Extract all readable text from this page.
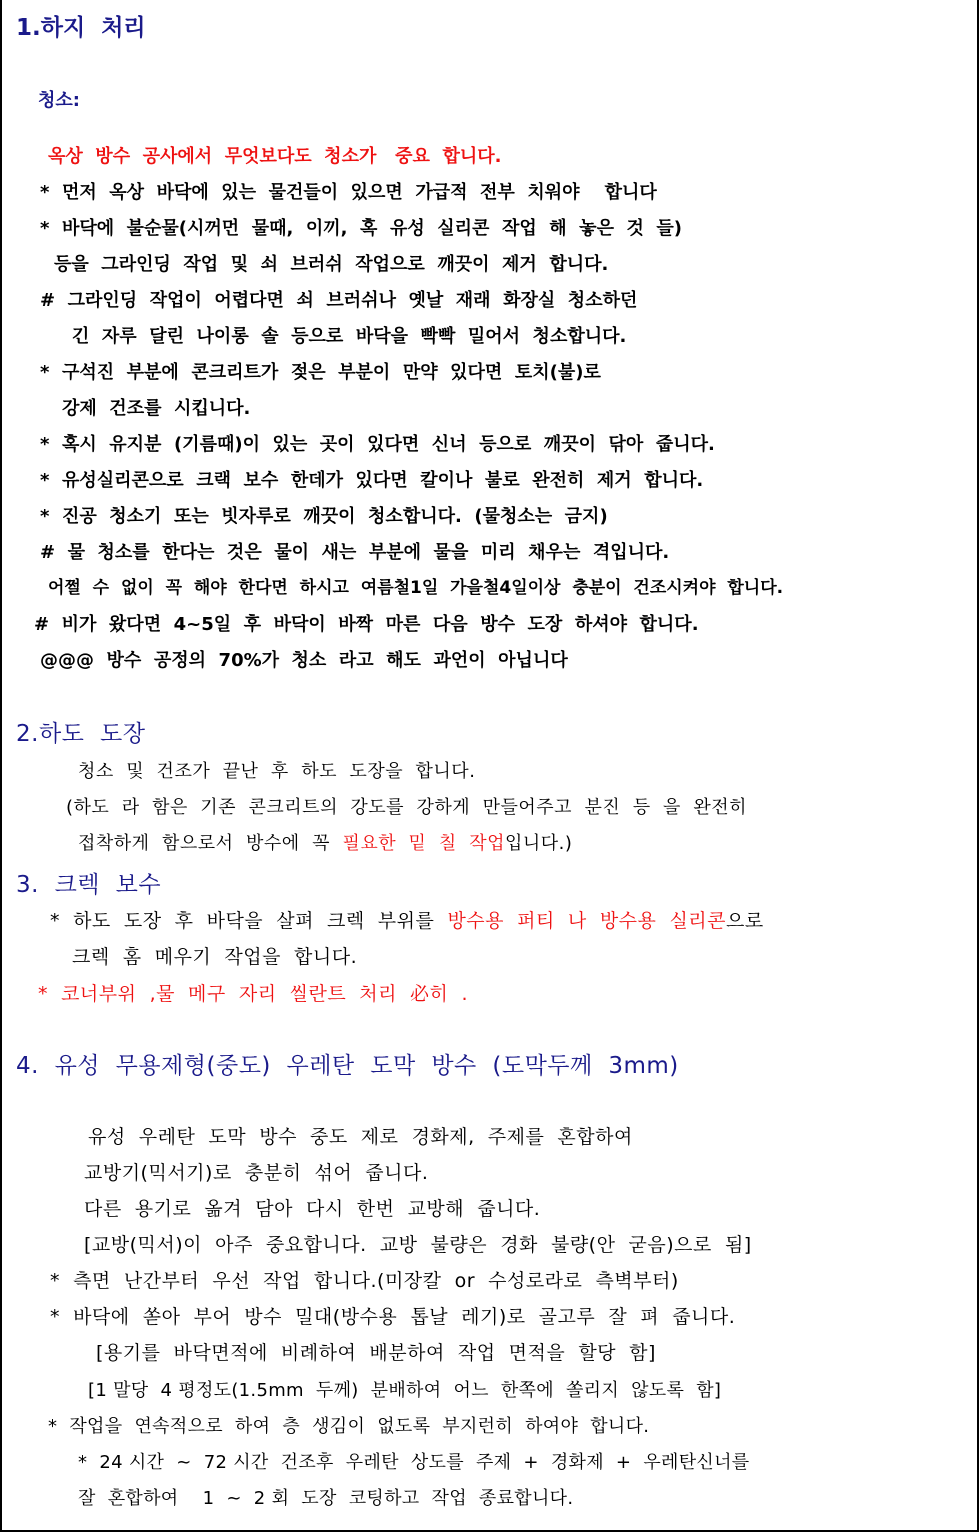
1.하지  처리
청소:
옥상  방수  공사에서  무엇보다도  청소가   중요  합니다.
*  먼저  옥상  바닥에  있는  물건들이  있으면  가급적  전부  치워야    합니다
*  바닥에  불순물(시꺼먼  물때,  이끼,  혹  유성  실리콘  작업  해  놓은  것  들)
등을  그라인딩  작업  및  쇠  브러쉬  작업으로  깨끗이  제거  합니다.
#  그라인딩  작업이  어렵다면  쇠  브러쉬나  옛날  재래  화장실  청소하던
긴  자루  달린  나이롱  솔  등으로  바닥을  빡빡  밀어서  청소합니다.
*  구석진  부분에  콘크리트가  젖은  부분이  만약  있다면  토치(불)로
강제  건조를  시킵니다.
*  혹시  유지분  (기름때)이  있는  곳이  있다면  신너  등으로  깨끗이  닦아  줍니다.
*  유성실리콘으로  크랙  보수  한데가  있다면  칼이나  불로  완전히  제거  합니다.
*  진공  청소기  또는  빗자루로  깨끗이  청소합니다.  (물청소는  금지)
#  물  청소를  한다는  것은  물이  새는  부분에  물을  미리  채우는  격입니다.
어쩔  수  없이  꼭  해야  한다면  하시고  여름철1일  가을철4일이상  충분이  건조시켜야  합니다.
#  비가  왔다면  4~5일  후  바닥이  바짝  마른  다음  방수  도장  하셔야  합니다.
@@@  방수  공정의  70%가  청소  라고  해도  과언이  아닙니다
2.하도  도장
청소  및  건조가  끝난  후  하도  도장을  합니다.
(하도  라  함은  기존  콘크리트의  강도를  강하게  만들어주고  분진  등  을  완전히
접착하게  함으로서  방수에  꼭  필요한  밑  칠  작업입니다.)
3.  크렉  보수
*  하도  도장  후  바닥을  살펴  크렉  부위를  방수용  퍼티  나  방수용  실리콘으로
크렉  홈  메우기  작업을  합니다.
*  코너부위  ,물  메구  자리  씰란트  처리  必히  .
4.  유성  무용제형(중도)  우레탄  도막  방수  (도막두께  3mm)
유성  우레탄  도막  방수  중도  제로  경화제,  주제를  혼합하여
교방기(믹서기)로  충분히  섞어  줍니다.
다른  용기로  옮겨  담아  다시  한번  교방해  줍니다.
[교방(믹서)이  아주  중요합니다.  교방  불량은  경화  불량(안  굳음)으로  됨]
*  측면  난간부터  우선  작업  합니다.(미장칼  or  수성로라로  측벽부터)
*  바닥에  쏟아  부어  방수  밀대(방수용  톱날  레기)로  골고루  잘  펴  줍니다.
[용기를  바닥면적에  비례하여  배분하여  작업  면적을  할당  함]
[1 말당  4 평정도(1.5mm  두께)  분배하여  어느  한쪽에  쏠리지  않도록  함]
*  작업을  연속적으로  하여  층  생김이  없도록  부지런히  하여야  합니다.
*  24 시간  ~  72 시간  건조후  우레탄  상도를  주제  +  경화제  +  우레탄신너를
잘  혼합하여    1  ~  2 회  도장  코팅하고  작업  종료합니다.
